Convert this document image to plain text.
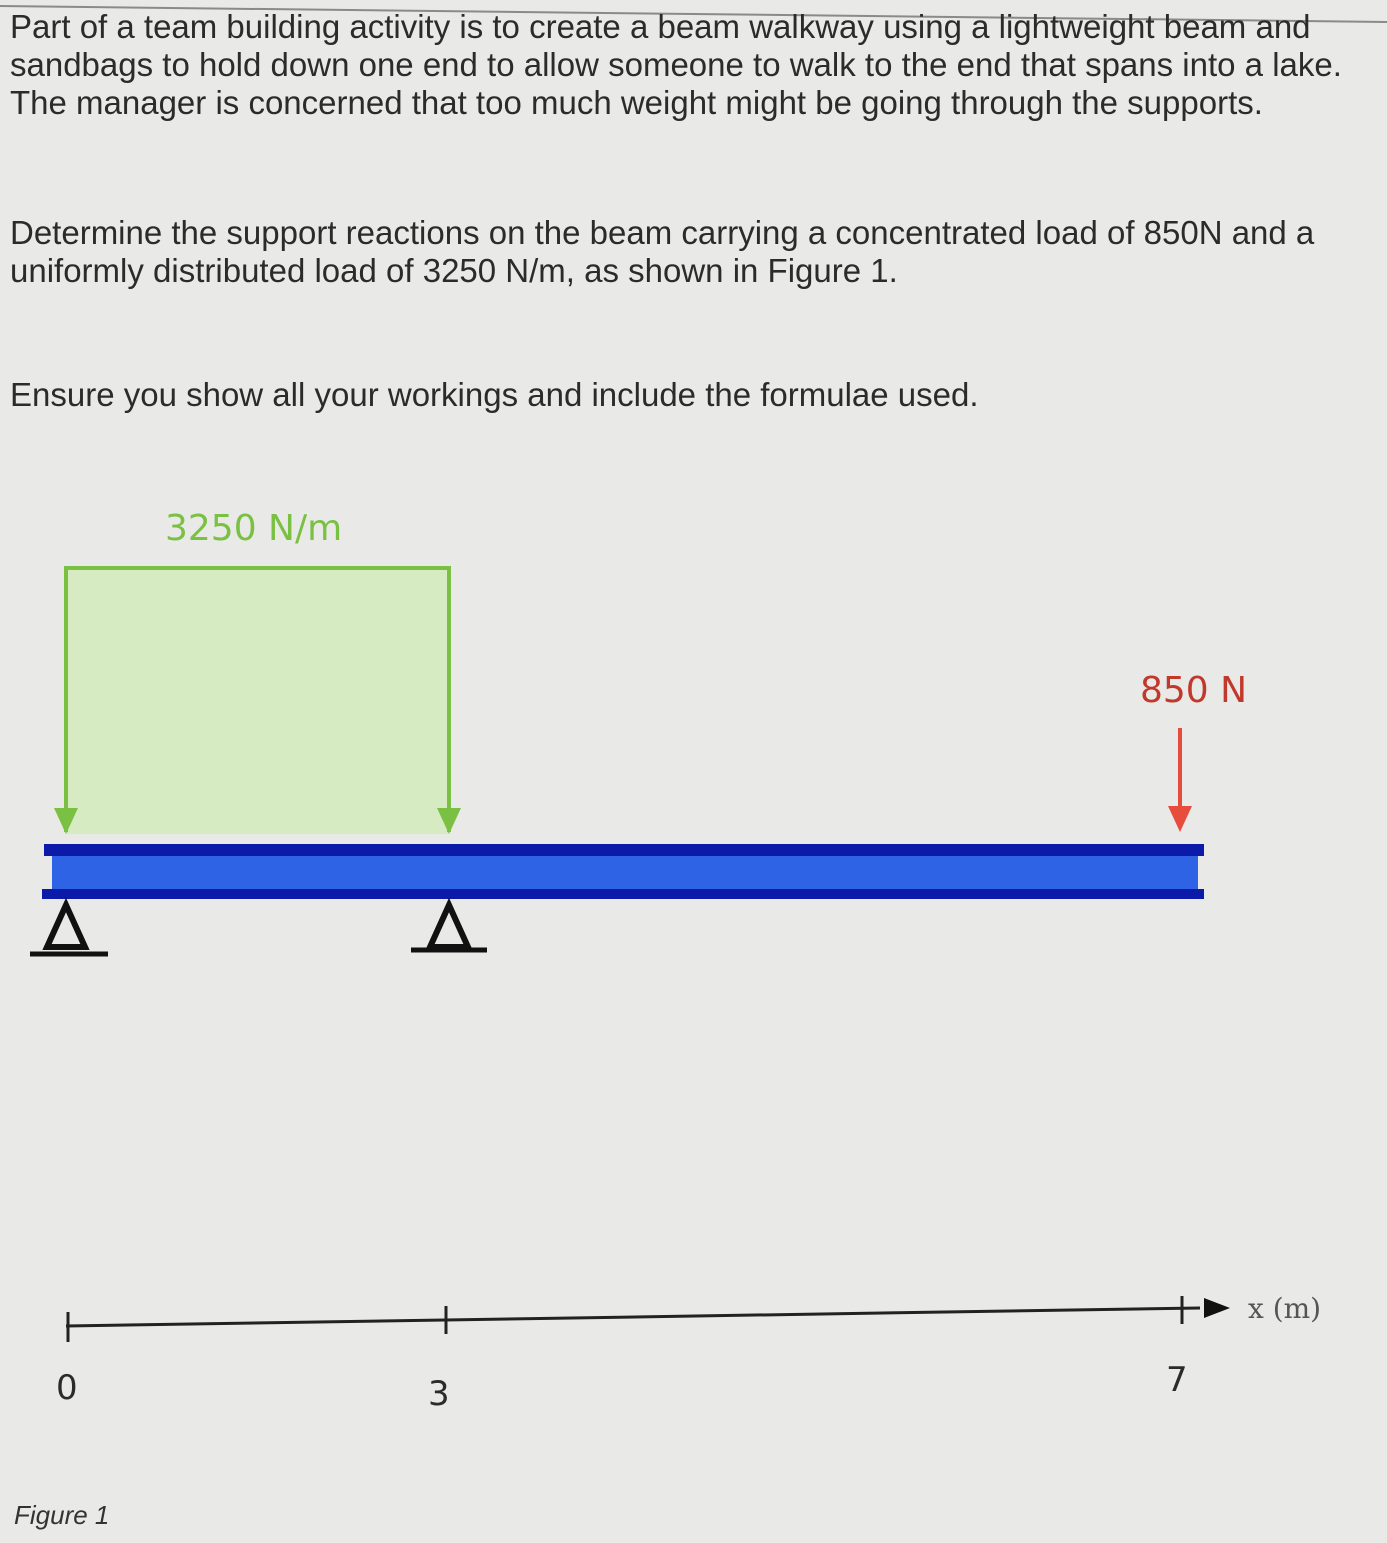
Part of a team building activity is to create a beam walkway using a lightweight beam and sandbags to hold down one end to allow someone to walk to the end that spans into a lake. The manager is concerned that too much weight might be going through the supports.

Determine the support reactions on the beam carrying a concentrated load of 850N and a uniformly distributed load of 3250 N/m, as shown in Figure 1.

Ensure you show all your workings and include the formulae used.

3250 N/m
850 N
0	3	7
x (m)
Figure 1
